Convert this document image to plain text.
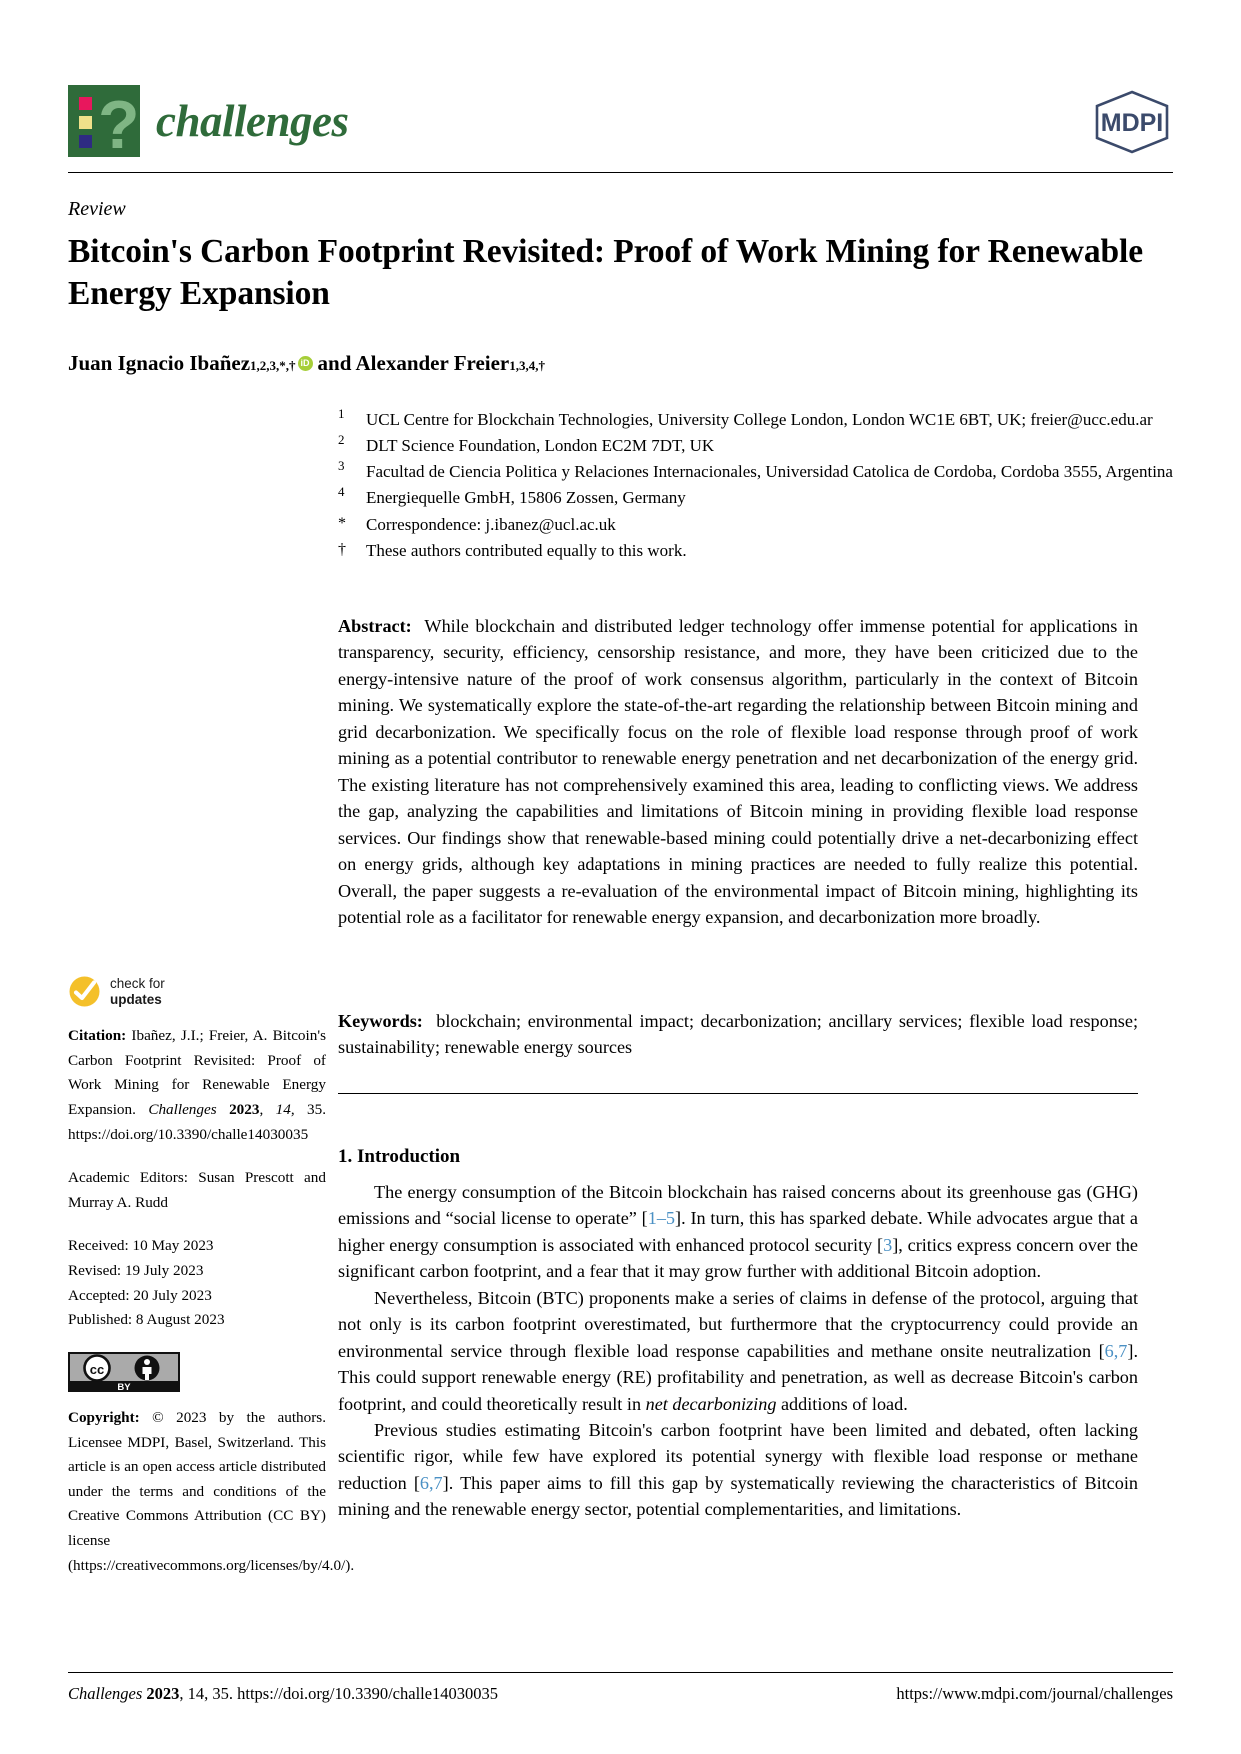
? challenges	MDPI
Review
Bitcoin's Carbon Footprint Revisited: Proof of Work Mining for Renewable Energy Expansion
Juan Ignacio Ibañez 1,2,3,*,† iD and Alexander Freier 1,3,4,†
1	UCL Centre for Blockchain Technologies, University College London, London WC1E 6BT, UK; freier@ucc.edu.ar
2	DLT Science Foundation, London EC2M 7DT, UK
3	Facultad de Ciencia Politica y Relaciones Internacionales, Universidad Catolica de Cordoba, Cordoba 3555, Argentina
4	Energiequelle GmbH, 15806 Zossen, Germany
*	Correspondence: j.ibanez@ucl.ac.uk
†	These authors contributed equally to this work.
Abstract: While blockchain and distributed ledger technology offer immense potential for applications in transparency, security, efficiency, censorship resistance, and more, they have been criticized due to the energy-intensive nature of the proof of work consensus algorithm, particularly in the context of Bitcoin mining. We systematically explore the state-of-the-art regarding the relationship between Bitcoin mining and grid decarbonization. We specifically focus on the role of flexible load response through proof of work mining as a potential contributor to renewable energy penetration and net decarbonization of the energy grid. The existing literature has not comprehensively examined this area, leading to conflicting views. We address the gap, analyzing the capabilities and limitations of Bitcoin mining in providing flexible load response services. Our findings show that renewable-based mining could potentially drive a net-decarbonizing effect on energy grids, although key adaptations in mining practices are needed to fully realize this potential. Overall, the paper suggests a re-evaluation of the environmental impact of Bitcoin mining, highlighting its potential role as a facilitator for renewable energy expansion, and decarbonization more broadly.
Keywords: blockchain; environmental impact; decarbonization; ancillary services; flexible load response; sustainability; renewable energy sources
check for
updates
Citation: Ibañez, J.I.; Freier, A. Bitcoin's Carbon Footprint Revisited: Proof of Work Mining for Renewable Energy Expansion. Challenges 2023, 14, 35. https://doi.org/10.3390/challe14030035
Academic Editors: Susan Prescott and Murray A. Rudd
Received: 10 May 2023
Revised: 19 July 2023
Accepted: 20 July 2023
Published: 8 August 2023
cc
BY
Copyright: © 2023 by the authors. Licensee MDPI, Basel, Switzerland. This article is an open access article distributed under the terms and conditions of the Creative Commons Attribution (CC BY) license (https://creativecommons.org/licenses/by/4.0/).
1. Introduction

The energy consumption of the Bitcoin blockchain has raised concerns about its greenhouse gas (GHG) emissions and “social license to operate” [1–5]. In turn, this has sparked debate. While advocates argue that a higher energy consumption is associated with enhanced protocol security [3], critics express concern over the significant carbon footprint, and a fear that it may grow further with additional Bitcoin adoption.

Nevertheless, Bitcoin (BTC) proponents make a series of claims in defense of the protocol, arguing that not only is its carbon footprint overestimated, but furthermore that the cryptocurrency could provide an environmental service through flexible load response capabilities and methane onsite neutralization [6,7]. This could support renewable energy (RE) profitability and penetration, as well as decrease Bitcoin's carbon footprint, and could theoretically result in net decarbonizing additions of load.

Previous studies estimating Bitcoin's carbon footprint have been limited and debated, often lacking scientific rigor, while few have explored its potential synergy with flexible load response or methane reduction [6,7]. This paper aims to fill this gap by systematically reviewing the characteristics of Bitcoin mining and the renewable energy sector, potential complementarities, and limitations.

Challenges 2023, 14, 35. https://doi.org/10.3390/challe14030035	https://www.mdpi.com/journal/challenges
